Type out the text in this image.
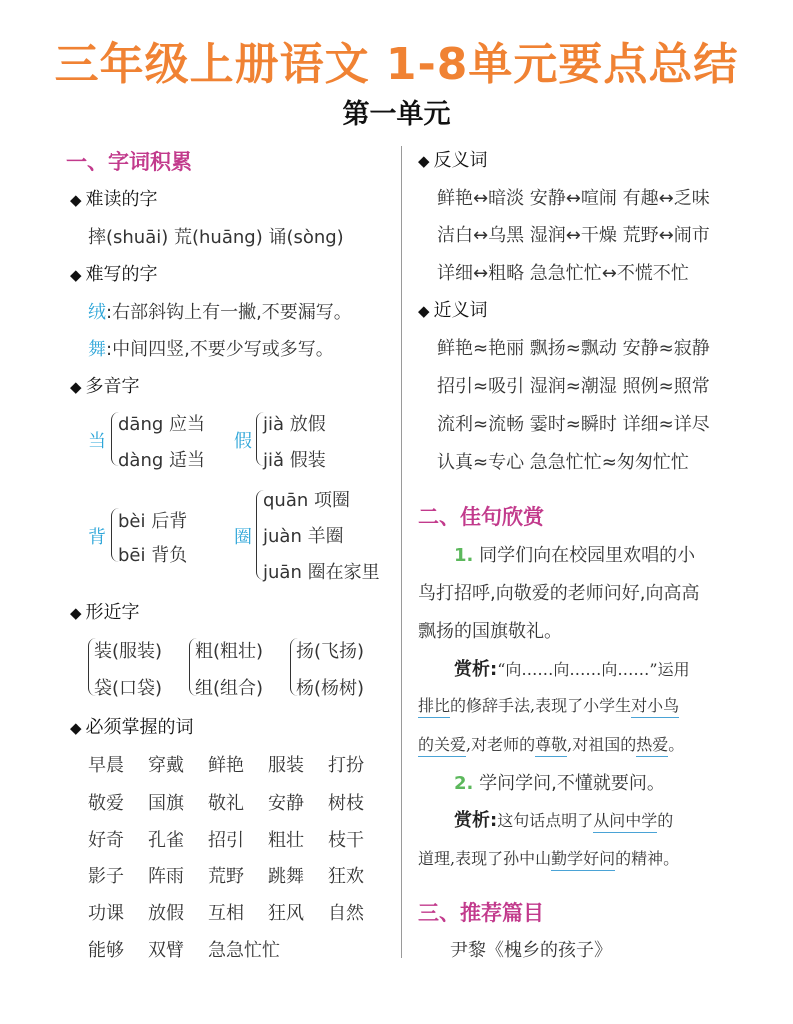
三年级上册语文 1-8单元要点总结
第一单元
一、字词积累
◆ 难读的字
摔(shuāi) 荒(huāng) 诵(sòng)
◆ 难写的字
绒:右部斜钩上有一撇,不要漏写。
舞:中间四竖,不要少写或多写。
◆ 多音字
当
dāng 应当
dàng 适当
假
jià 放假
jiǎ 假装
背
bèi 后背
bēi 背负
圈
quān 项圈
juàn 羊圈
juān 圈在家里
◆ 形近字
装(服装)
袋(口袋)
粗(粗壮)
组(组合)
扬(飞扬)
杨(杨树)
◆ 必须掌握的词
早晨 穿戴 鲜艳 服装 打扮
敬爱 国旗 敬礼 安静 树枝
好奇 孔雀 招引 粗壮 枝干
影子 阵雨 荒野 跳舞 狂欢
功课 放假 互相 狂风 自然
能够 双臂 急急忙忙
◆ 反义词
鲜艳↔暗淡 安静↔喧闹 有趣↔乏味
洁白↔乌黑 湿润↔干燥 荒野↔闹市
详细↔粗略 急急忙忙↔不慌不忙
◆ 近义词
鲜艳≈艳丽 飘扬≈飘动 安静≈寂静
招引≈吸引 湿润≈潮湿 照例≈照常
流利≈流畅 霎时≈瞬时 详细≈详尽
认真≈专心 急急忙忙≈匆匆忙忙
二、佳句欣赏
1. 同学们向在校园里欢唱的小
鸟打招呼,向敬爱的老师问好,向高高
飘扬的国旗敬礼。
赏析:“向……向……向……”运用
排比的修辞手法,表现了小学生对小鸟
的关爱,对老师的尊敬,对祖国的热爱。
2. 学问学问,不懂就要问。
赏析:这句话点明了从问中学的
道理,表现了孙中山勤学好问的精神。
三、推荐篇目
尹黎《槐乡的孩子》
